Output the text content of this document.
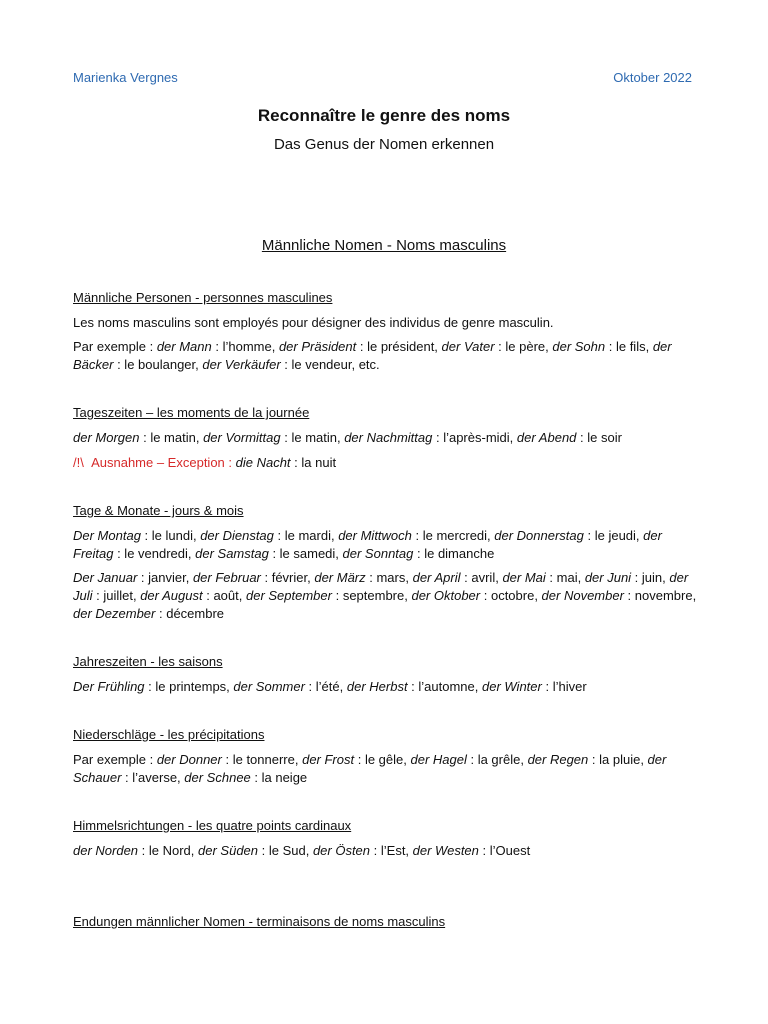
Marienka Vergnes	Oktober 2022
Reconnaître le genre des noms
Das Genus der Nomen erkennen
Männliche Nomen - Noms masculins
Männliche Personen - personnes masculines
Les noms masculins sont employés pour désigner des individus de genre masculin.
Par exemple : der Mann : l’homme, der Präsident : le président, der Vater : le père, der Sohn : le fils, der Bäcker : le boulanger, der Verkäufer : le vendeur, etc.
Tageszeiten – les moments de la journée
der Morgen : le matin, der Vormittag : le matin, der Nachmittag : l’après-midi, der Abend : le soir
/!\ Ausnahme – Exception : die Nacht : la nuit
Tage & Monate - jours & mois
Der Montag : le lundi, der Dienstag : le mardi, der Mittwoch : le mercredi, der Donnerstag : le jeudi, der Freitag : le vendredi, der Samstag : le samedi, der Sonntag : le dimanche
Der Januar : janvier, der Februar : février, der März : mars, der April : avril, der Mai : mai, der Juni : juin, der Juli : juillet, der August : août, der September : septembre, der Oktober : octobre, der November : novembre, der Dezember : décembre
Jahreszeiten - les saisons
Der Frühling : le printemps, der Sommer : l’été, der Herbst : l’automne, der Winter : l’hiver
Niederschläge - les précipitations
Par exemple : der Donner : le tonnerre, der Frost : le gêle, der Hagel : la grêle, der Regen : la pluie, der Schauer : l’averse, der Schnee : la neige
Himmelsrichtungen - les quatre points cardinaux
der Norden : le Nord, der Süden : le Sud, der Östen : l’Est, der Westen : l’Ouest
Endungen männlicher Nomen - terminaisons de noms masculins
